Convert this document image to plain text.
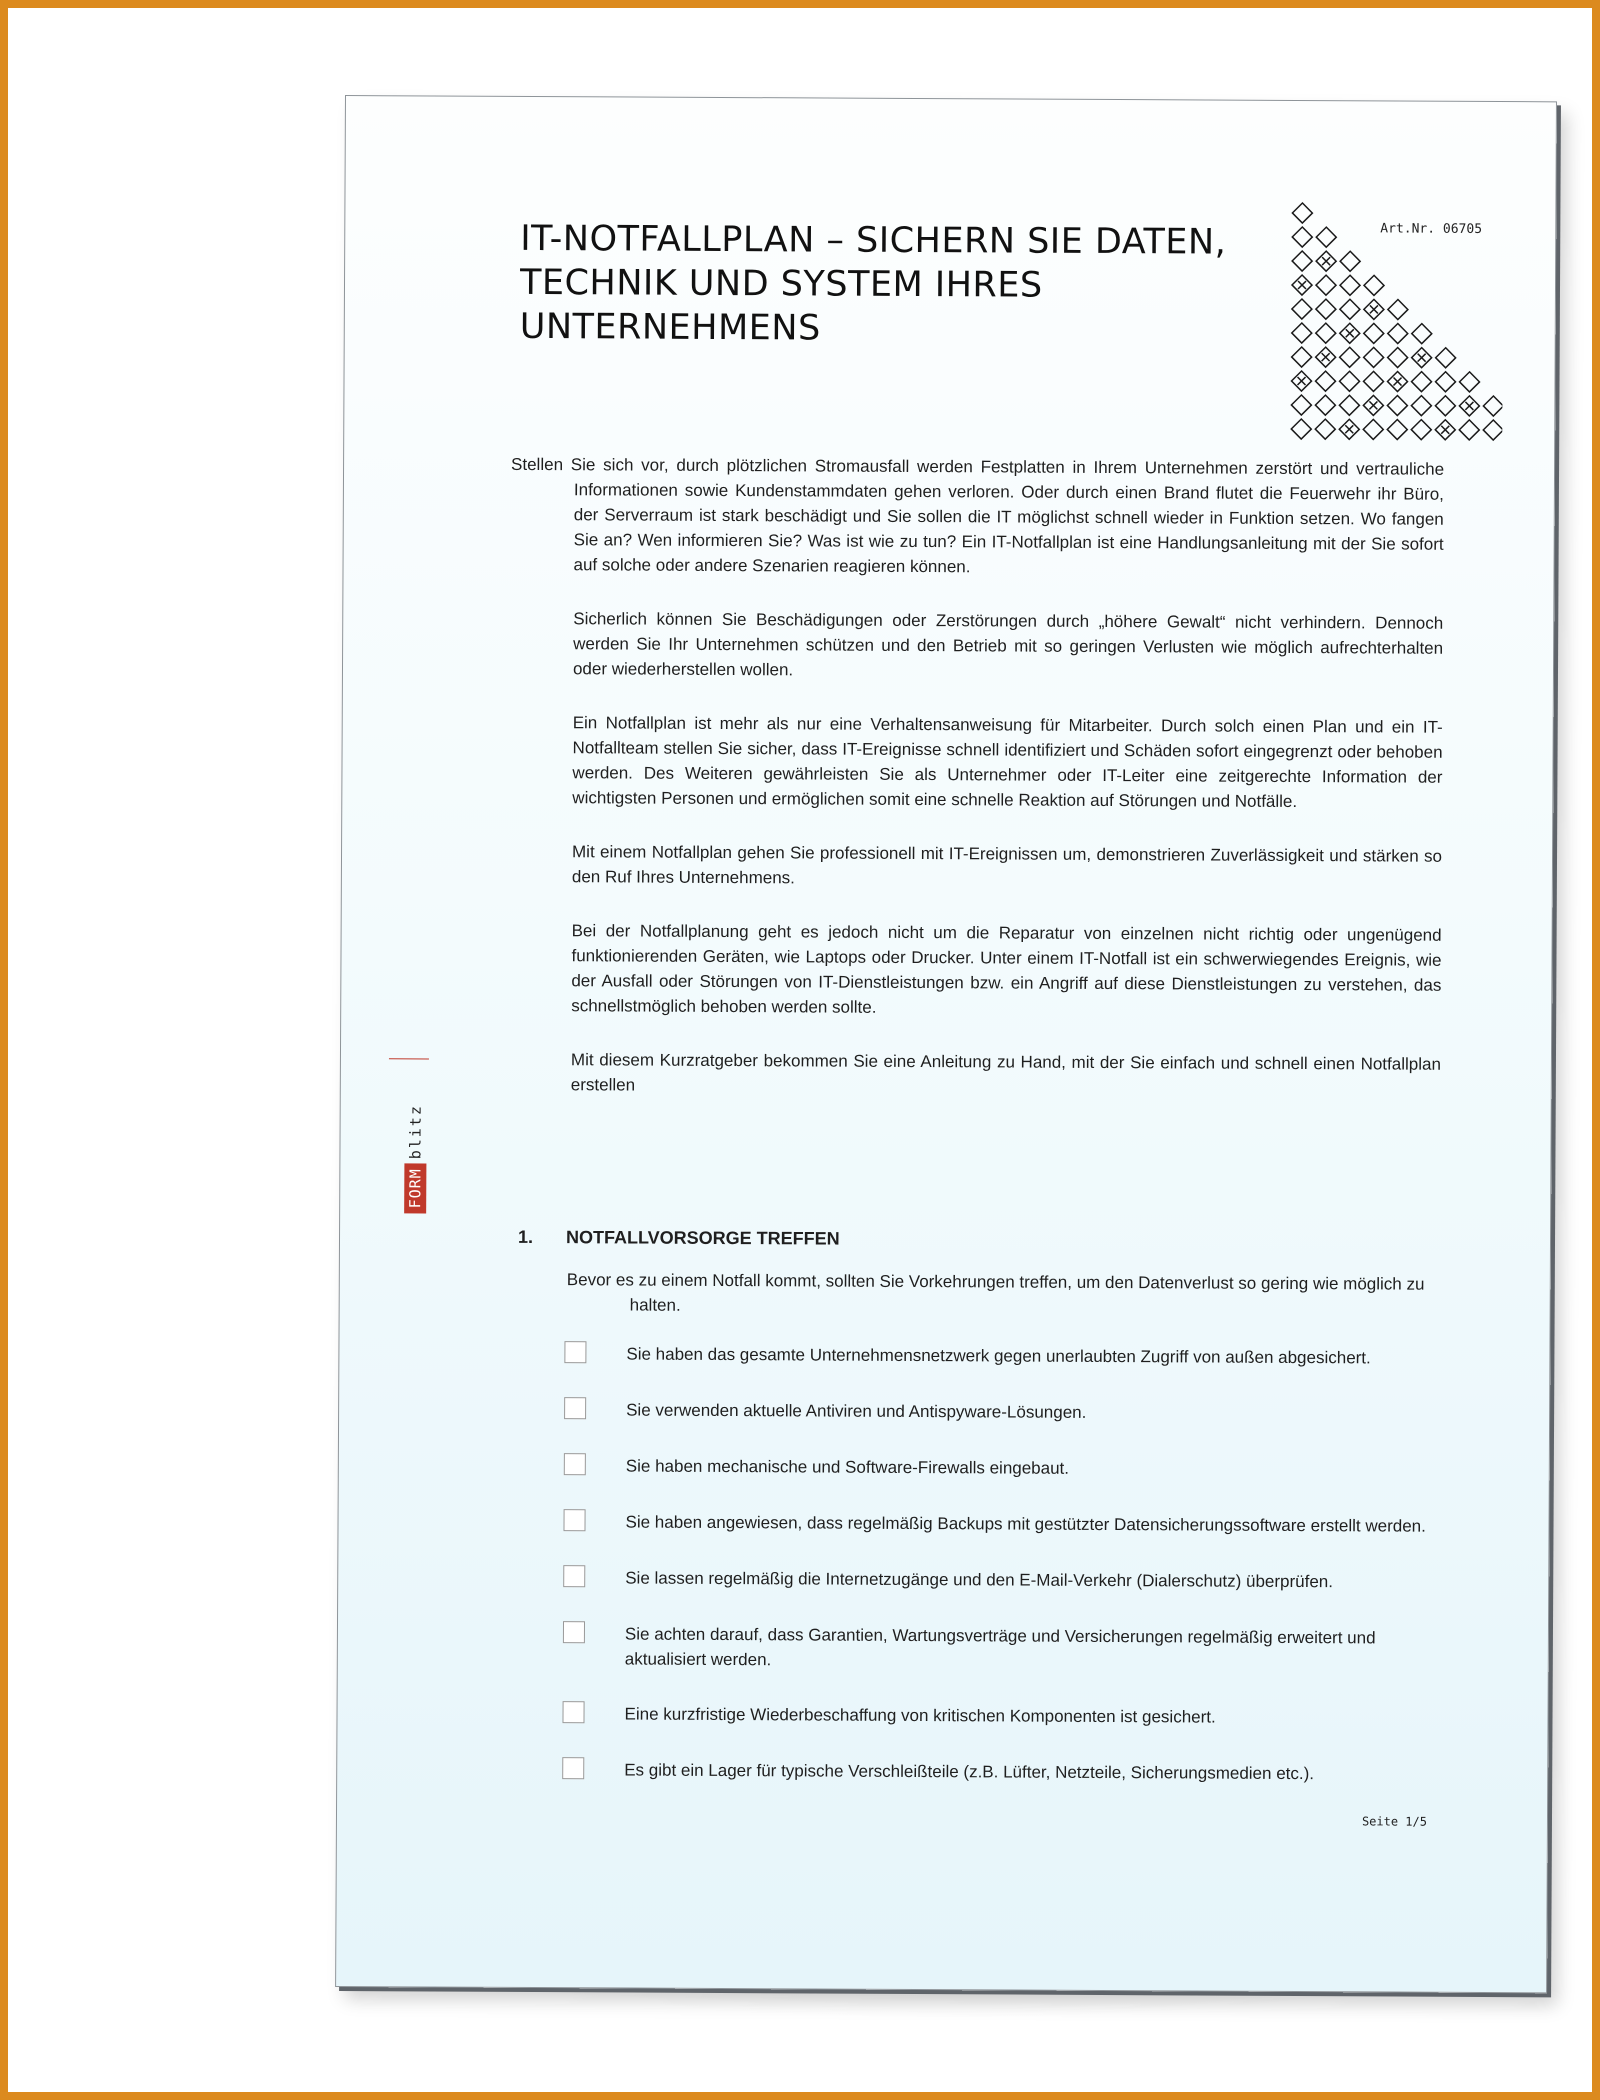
IT-NOTFALLPLAN – SICHERN SIE DATEN,
TECHNIK UND SYSTEM IHRES
UNTERNEHMENS
Art.Nr. 06705

Stellen Sie sich vor, durch plötzlichen Stromausfall werden Festplatten in Ihrem Unternehmen zerstört und vertrauliche Informationen sowie Kundenstammdaten gehen verloren. Oder durch einen Brand flutet die Feuerwehr ihr Büro, der Serverraum ist stark beschädigt und Sie sollen die IT möglichst schnell wieder in Funktion setzen. Wo fangen Sie an? Wen informieren Sie? Was ist wie zu tun? Ein IT-Notfallplan ist eine Handlungsanleitung mit der Sie sofort auf solche oder andere Szenarien reagieren können.

Sicherlich können Sie Beschädigungen oder Zerstörungen durch „höhere Gewalt“ nicht verhindern. Dennoch werden Sie Ihr Unternehmen schützen und den Betrieb mit so geringen Verlusten wie möglich aufrechterhalten oder wiederherstellen wollen.

Ein Notfallplan ist mehr als nur eine Verhaltensanweisung für Mitarbeiter. Durch solch einen Plan und ein IT-Notfallteam stellen Sie sicher, dass IT-Ereignisse schnell identifiziert und Schäden sofort eingegrenzt oder behoben werden. Des Weiteren gewährleisten Sie als Unternehmer oder IT-Leiter eine zeitgerechte Information der wichtigsten Personen und ermöglichen somit eine schnelle Reaktion auf Störungen und Notfälle.

Mit einem Notfallplan gehen Sie professionell mit IT-Ereignissen um, demonstrieren Zuverlässigkeit und stärken so den Ruf Ihres Unternehmens.

Bei der Notfallplanung geht es jedoch nicht um die Reparatur von einzelnen nicht richtig oder ungenügend funktionierenden Geräten, wie Laptops oder Drucker. Unter einem IT-Notfall ist ein schwerwiegendes Ereignis, wie der Ausfall oder Störungen von IT-Dienstleistungen bzw. ein Angriff auf diese Dienstleistungen zu verstehen, das schnellstmöglich behoben werden sollte.

Mit diesem Kurzratgeber bekommen Sie eine Anleitung zu Hand, mit der Sie einfach und schnell einen Notfallplan erstellen

FORM
blitz
1. NOTFALLVORSORGE TREFFEN
Bevor es zu einem Notfall kommt, sollten Sie Vorkehrungen treffen, um den Datenverlust so gering wie möglich zu
halten.
Sie haben das gesamte Unternehmensnetzwerk gegen unerlaubten Zugriff von außen abgesichert.
Sie verwenden aktuelle Antiviren und Antispyware-Lösungen.
Sie haben mechanische und Software-Firewalls eingebaut.
Sie haben angewiesen, dass regelmäßig Backups mit gestützter Datensicherungssoftware erstellt werden.
Sie lassen regelmäßig die Internetzugänge und den E-Mail-Verkehr (Dialerschutz) überprüfen.
Sie achten darauf, dass Garantien, Wartungsverträge und Versicherungen regelmäßig erweitert und aktualisiert werden.
Eine kurzfristige Wiederbeschaffung von kritischen Komponenten ist gesichert.
Es gibt ein Lager für typische Verschleißteile (z.B. Lüfter, Netzteile, Sicherungsmedien etc.).
Seite 1/5
